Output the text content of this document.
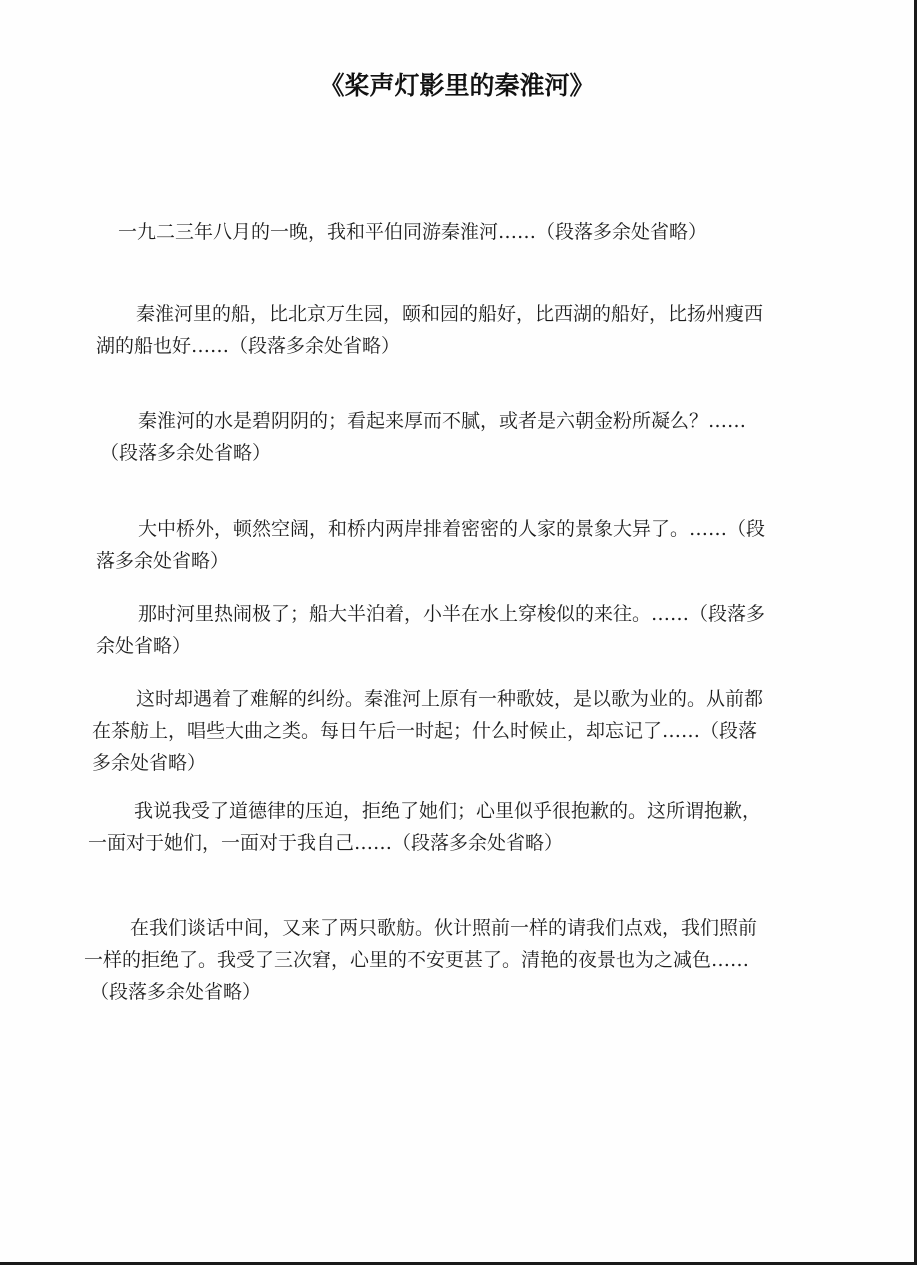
《桨声灯影里的秦淮河》
一九二三年八月的一晚，我和平伯同游秦淮河……（段落多余处省略）
秦淮河里的船，比北京万生园，颐和园的船好，比西湖的船好，比扬州瘦西
湖的船也好……（段落多余处省略）
秦淮河的水是碧阴阴的；看起来厚而不腻，或者是六朝金粉所凝么？……
（段落多余处省略）
大中桥外，顿然空阔，和桥内两岸排着密密的人家的景象大异了。……（段
落多余处省略）
那时河里热闹极了；船大半泊着，小半在水上穿梭似的来往。……（段落多
余处省略）
这时却遇着了难解的纠纷。秦淮河上原有一种歌妓，是以歌为业的。从前都
在茶舫上，唱些大曲之类。每日午后一时起；什么时候止，却忘记了……（段落
多余处省略）
我说我受了道德律的压迫，拒绝了她们；心里似乎很抱歉的。这所谓抱歉，
一面对于她们，一面对于我自己……（段落多余处省略）
在我们谈话中间，又来了两只歌舫。伙计照前一样的请我们点戏，我们照前
一样的拒绝了。我受了三次窘，心里的不安更甚了。清艳的夜景也为之减色……
（段落多余处省略）
